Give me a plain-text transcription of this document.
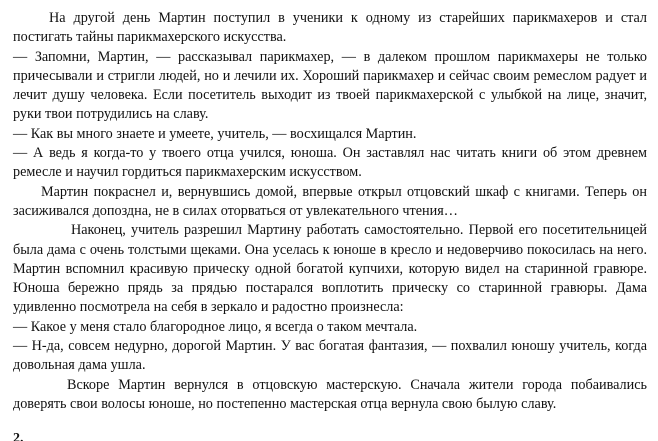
На другой день Мартин поступил в ученики к одному из старейших парикмахеров и стал постигать тайны парикмахерского искусства.

— Запомни, Мартин, — рассказывал парикмахер, — в далеком прошлом парикмахеры не только причесывали и стригли людей, но и лечили их. Хороший парикмахер и сейчас своим ремеслом радует и лечит душу человека. Если посетитель выходит из твоей парикмахерской с улыбкой на лице, значит, руки твои потрудились на славу.

— Как вы много знаете и умеете, учитель, — восхищался Мартин.

— А ведь я когда-то у твоего отца учился, юноша. Он заставлял нас читать книги об этом древнем ремесле и научил гордиться парикмахерским искусством.

Мартин покраснел и, вернувшись домой, впервые открыл отцовский шкаф с книгами. Теперь он засиживался допоздна, не в силах оторваться от увлекательного чтения…

Наконец, учитель разрешил Мартину работать самостоятельно. Первой его посетительницей была дама с очень толстыми щеками. Она уселась к юноше в кресло и недоверчиво покосилась на него. Мартин вспомнил красивую прическу одной богатой купчихи, которую видел на старинной гравюре. Юноша бережно прядь за прядью постарался воплотить прическу со старинной гравюры. Дама удивленно посмотрела на себя в зеркало и радостно произнесла:

— Какое у меня стало благородное лицо, я всегда о таком мечтала.

— Н-да, совсем недурно, дорогой Мартин. У вас богатая фантазия, — похвалил юношу учитель, когда довольная дама ушла.

Вскоре Мартин вернулся в отцовскую мастерскую. Сначала жители города побаивались доверять свои волосы юноше, но постепенно мастерская отца вернула свою былую славу.

2.
